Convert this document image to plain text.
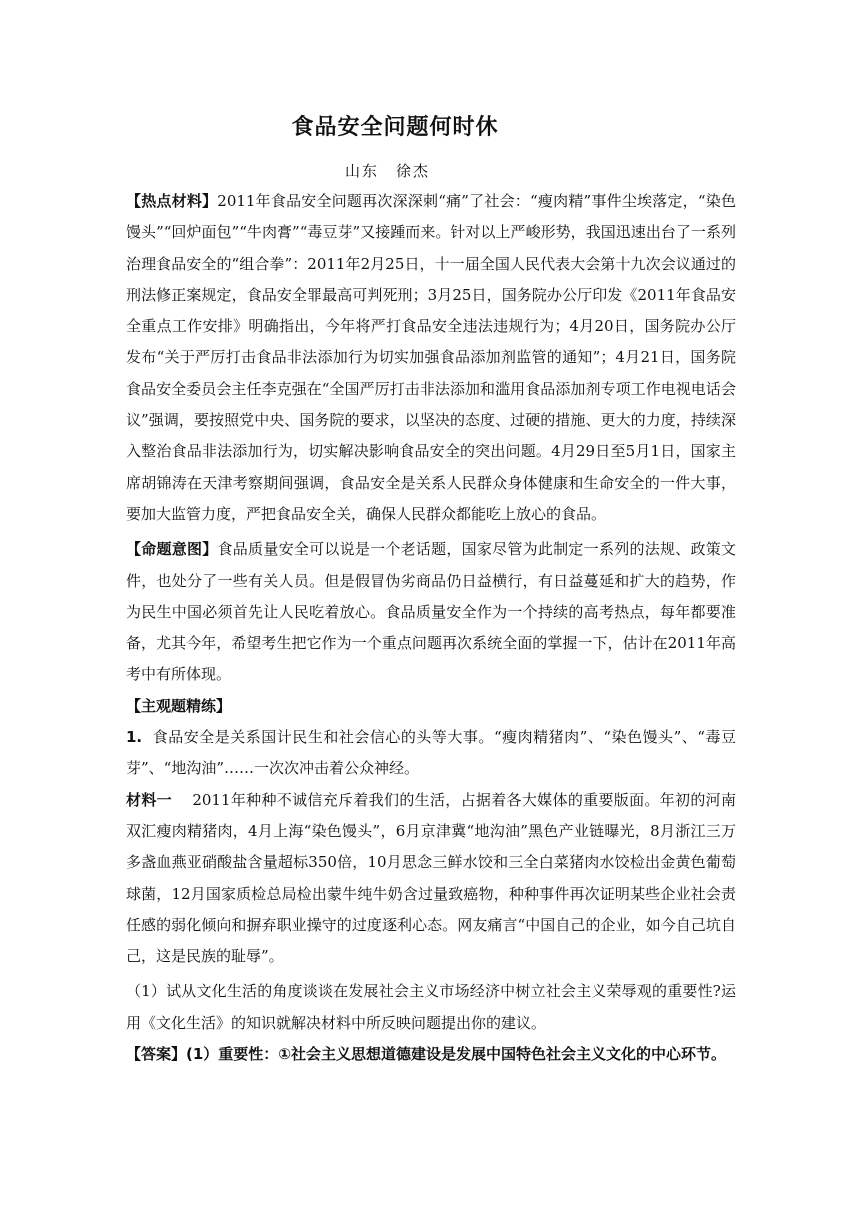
食品安全问题何时休
山东　徐杰

【热点材料】2011年食品安全问题再次深深刺“痛”了社会：“瘦肉精”事件尘埃落定，“染色馒头”“回炉面包”“牛肉膏”“毒豆芽”又接踵而来。针对以上严峻形势，我国迅速出台了一系列治理食品安全的“组合拳”：2011年2月25日，十一届全国人民代表大会第十九次会议通过的刑法修正案规定，食品安全罪最高可判死刑；3月25日，国务院办公厅印发《2011年食品安全重点工作安排》明确指出，今年将严打食品安全违法违规行为；4月20日，国务院办公厅发布“关于严厉打击食品非法添加行为切实加强食品添加剂监管的通知”；4月21日，国务院食品安全委员会主任李克强在“全国严厉打击非法添加和滥用食品添加剂专项工作电视电话会议”强调，要按照党中央、国务院的要求，以坚决的态度、过硬的措施、更大的力度，持续深入整治食品非法添加行为，切实解决影响食品安全的突出问题。4月29日至5月1日，国家主席胡锦涛在天津考察期间强调，食品安全是关系人民群众身体健康和生命安全的一件大事，要加大监管力度，严把食品安全关，确保人民群众都能吃上放心的食品。

【命题意图】食品质量安全可以说是一个老话题，国家尽管为此制定一系列的法规、政策文件，也处分了一些有关人员。但是假冒伪劣商品仍日益横行，有日益蔓延和扩大的趋势，作为民生中国必须首先让人民吃着放心。食品质量安全作为一个持续的高考热点，每年都要准备，尤其今年，希望考生把它作为一个重点问题再次系统全面的掌握一下，估计在2011年高考中有所体现。

【主观题精练】

1. 食品安全是关系国计民生和社会信心的头等大事。“瘦肉精猪肉”、“染色馒头”、“毒豆芽”、“地沟油”……一次次冲击着公众神经。

材料一 2011年种种不诚信充斥着我们的生活，占据着各大媒体的重要版面。年初的河南双汇瘦肉精猪肉，4月上海“染色馒头”，6月京津冀“地沟油”黑色产业链曝光，8月浙江三万多盏血燕亚硝酸盐含量超标350倍，10月思念三鲜水饺和三全白菜猪肉水饺检出金黄色葡萄球菌，12月国家质检总局检出蒙牛纯牛奶含过量致癌物，种种事件再次证明某些企业社会责任感的弱化倾向和摒弃职业操守的过度逐利心态。网友痛言“中国自己的企业，如今自己坑自己，这是民族的耻辱”。

（1）试从文化生活的角度谈谈在发展社会主义市场经济中树立社会主义荣辱观的重要性?运用《文化生活》的知识就解决材料中所反映问题提出你的建议。

【答案】(1）重要性：①社会主义思想道德建设是发展中国特色社会主义文化的中心环节。
